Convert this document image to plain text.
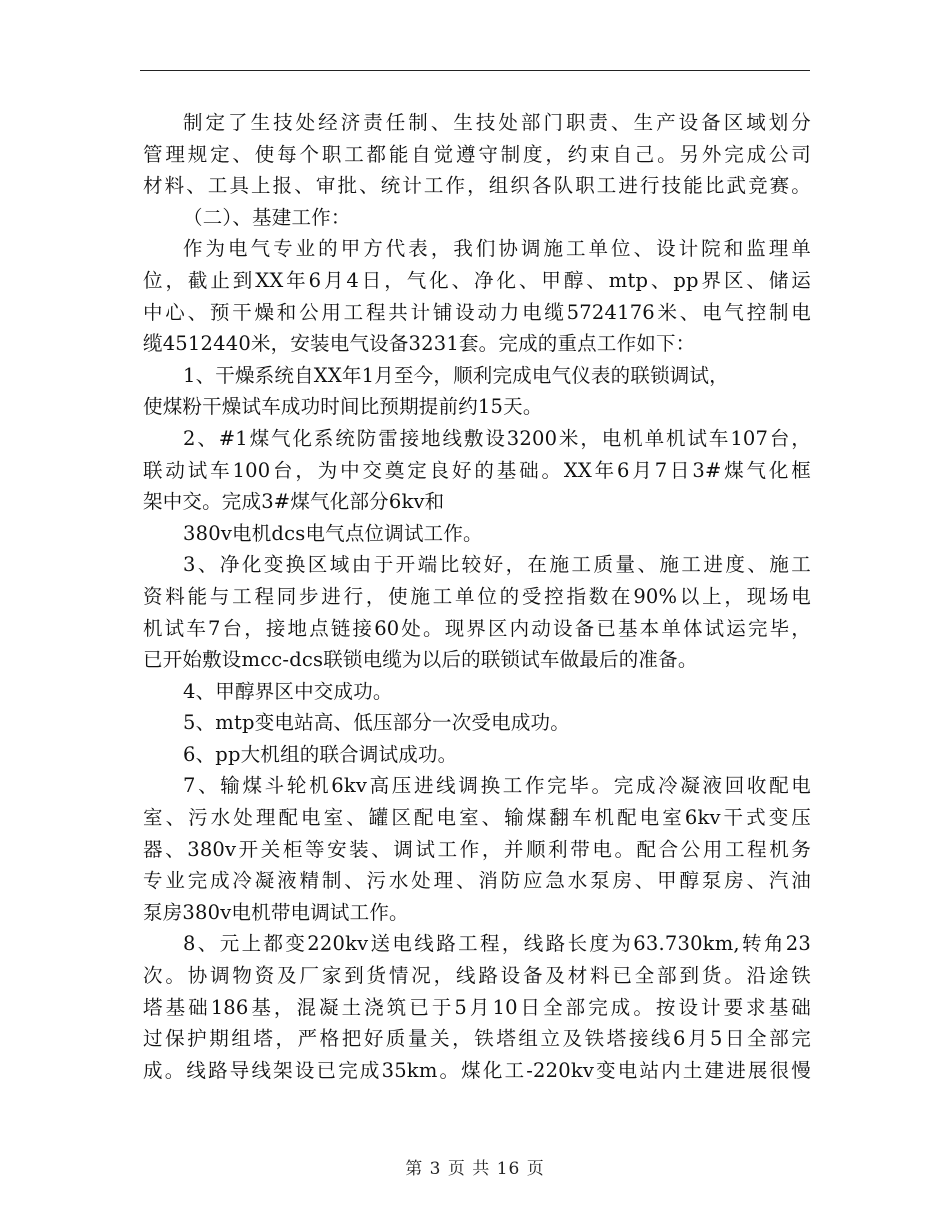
制定了生技处经济责任制、生技处部门职责、生产设备区域划分
管理规定、使每个职工都能自觉遵守制度，约束自己。另外完成公司
材料、工具上报、审批、统计工作，组织各队职工进行技能比武竞赛。
（二）、基建工作：
作为电气专业的甲方代表，我们协调施工单位、设计院和监理单
位，截止到XX年6月4日，气化、净化、甲醇、mtp、pp界区、储运
中心、预干燥和公用工程共计铺设动力电缆5724176米、电气控制电
缆4512440米，安装电气设备3231套。完成的重点工作如下：
1、干燥系统自XX年1月至今，顺利完成电气仪表的联锁调试，
使煤粉干燥试车成功时间比预期提前约15天。
2、#1煤气化系统防雷接地线敷设3200米，电机单机试车107台，
联动试车100台，为中交奠定良好的基础。XX年6月7日3#煤气化框
架中交。完成3#煤气化部分6kv和
380v电机dcs电气点位调试工作。
3、净化变换区域由于开端比较好，在施工质量、施工进度、施工
资料能与工程同步进行，使施工单位的受控指数在90%以上，现场电
机试车7台，接地点链接60处。现界区内动设备已基本单体试运完毕，
已开始敷设mcc-dcs联锁电缆为以后的联锁试车做最后的准备。
4、甲醇界区中交成功。
5、mtp变电站高、低压部分一次受电成功。
6、pp大机组的联合调试成功。
7、输煤斗轮机6kv高压进线调换工作完毕。完成冷凝液回收配电
室、污水处理配电室、罐区配电室、输煤翻车机配电室6kv干式变压
器、380v开关柜等安装、调试工作，并顺利带电。配合公用工程机务
专业完成冷凝液精制、污水处理、消防应急水泵房、甲醇泵房、汽油
泵房380v电机带电调试工作。
8、元上都变220kv送电线路工程，线路长度为63.730km,转角23
次。协调物资及厂家到货情况，线路设备及材料已全部到货。沿途铁
塔基础186基，混凝土浇筑已于5月10日全部完成。按设计要求基础
过保护期组塔，严格把好质量关，铁塔组立及铁塔接线6月5日全部完
成。线路导线架设已完成35km。煤化工-220kv变电站内土建进展很慢
第 3 页 共 16 页
